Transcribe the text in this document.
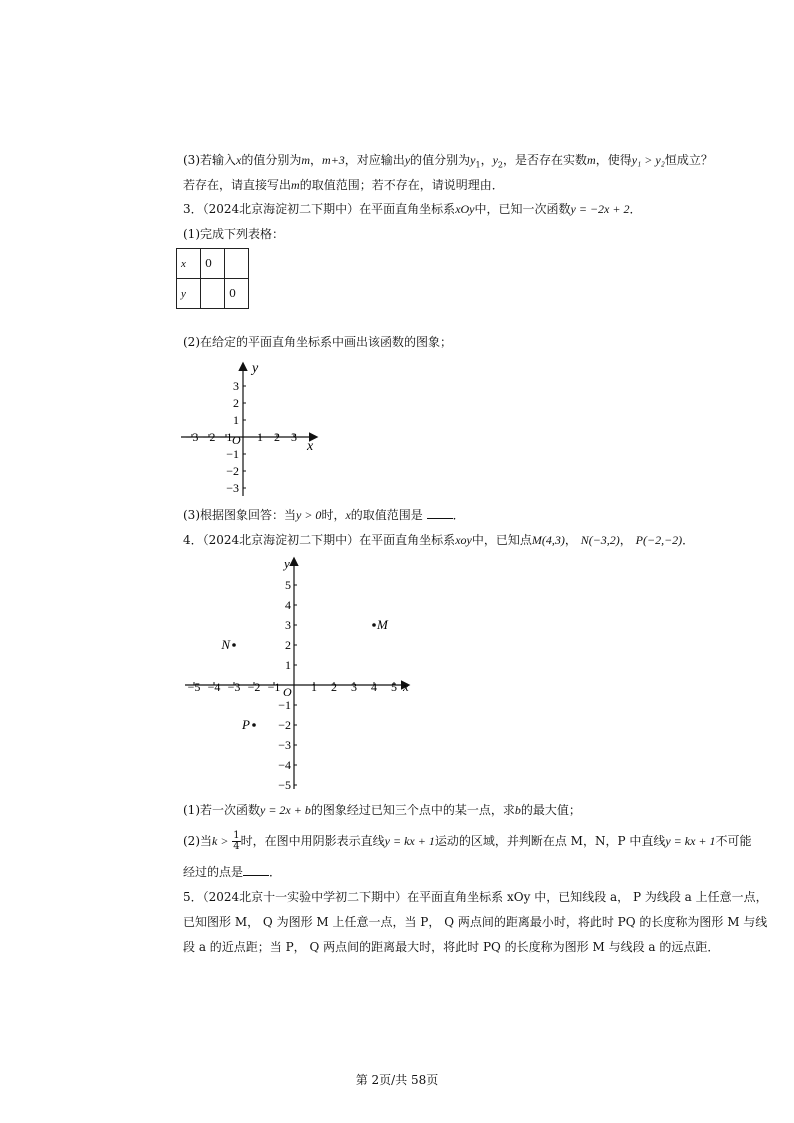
(3)若输入x的值分别为m，m+3，对应输出y的值分别为$y_1$，$y_2$，是否存在实数m，使得y₁ > y₂恒成立？
若存在，请直接写出m的取值范围；若不存在，请说明理由．
3．（2024北京海淀初二下期中）在平面直角坐标系xOy中，已知一次函数y = −2x + 2．
(1)完成下列表格：
x	0	
y		0
(2)在给定的平面直角坐标系中画出该函数的图象；
−3 −2 −1 1 2 3
3
2
1
−1
−2
−3
x
y
O
(3)根据图象回答：当y > 0时，x的取值范围是 ．
4．（2024北京海淀初二下期中）在平面直角坐标系xoy中，已知点M(4,3)， N(−3,2)， P(−2,−2)．
−5 −4 −3 −2 −1	1 2 3 4 5
5
4
3
2
1
−1
−2
−3
−4
−5
M
N
P
x
y
O
(1)若一次函数y = 2x + b的图象经过已知三个点中的某一点，求b的最大值；
(2)当$k > \frac{1}{4}$ 时，在图中用阴影表示直线y = kx + 1运动的区域，并判断在点 M，N，P 中直线y = kx + 1不可能
经过的点是 ．
5．（2024北京十一实验中学初二下期中）在平面直角坐标系 xOy 中，已知线段 a， P 为线段 a 上任意一点，
已知图形 M， Q 为图形 M 上任意一点，当 P， Q 两点间的距离最小时，将此时 PQ 的长度称为图形 M 与线
段 a 的近点距；当 P， Q 两点间的距离最大时，将此时 PQ 的长度称为图形 M 与线段 a 的远点距．
第 2页/共 58页
